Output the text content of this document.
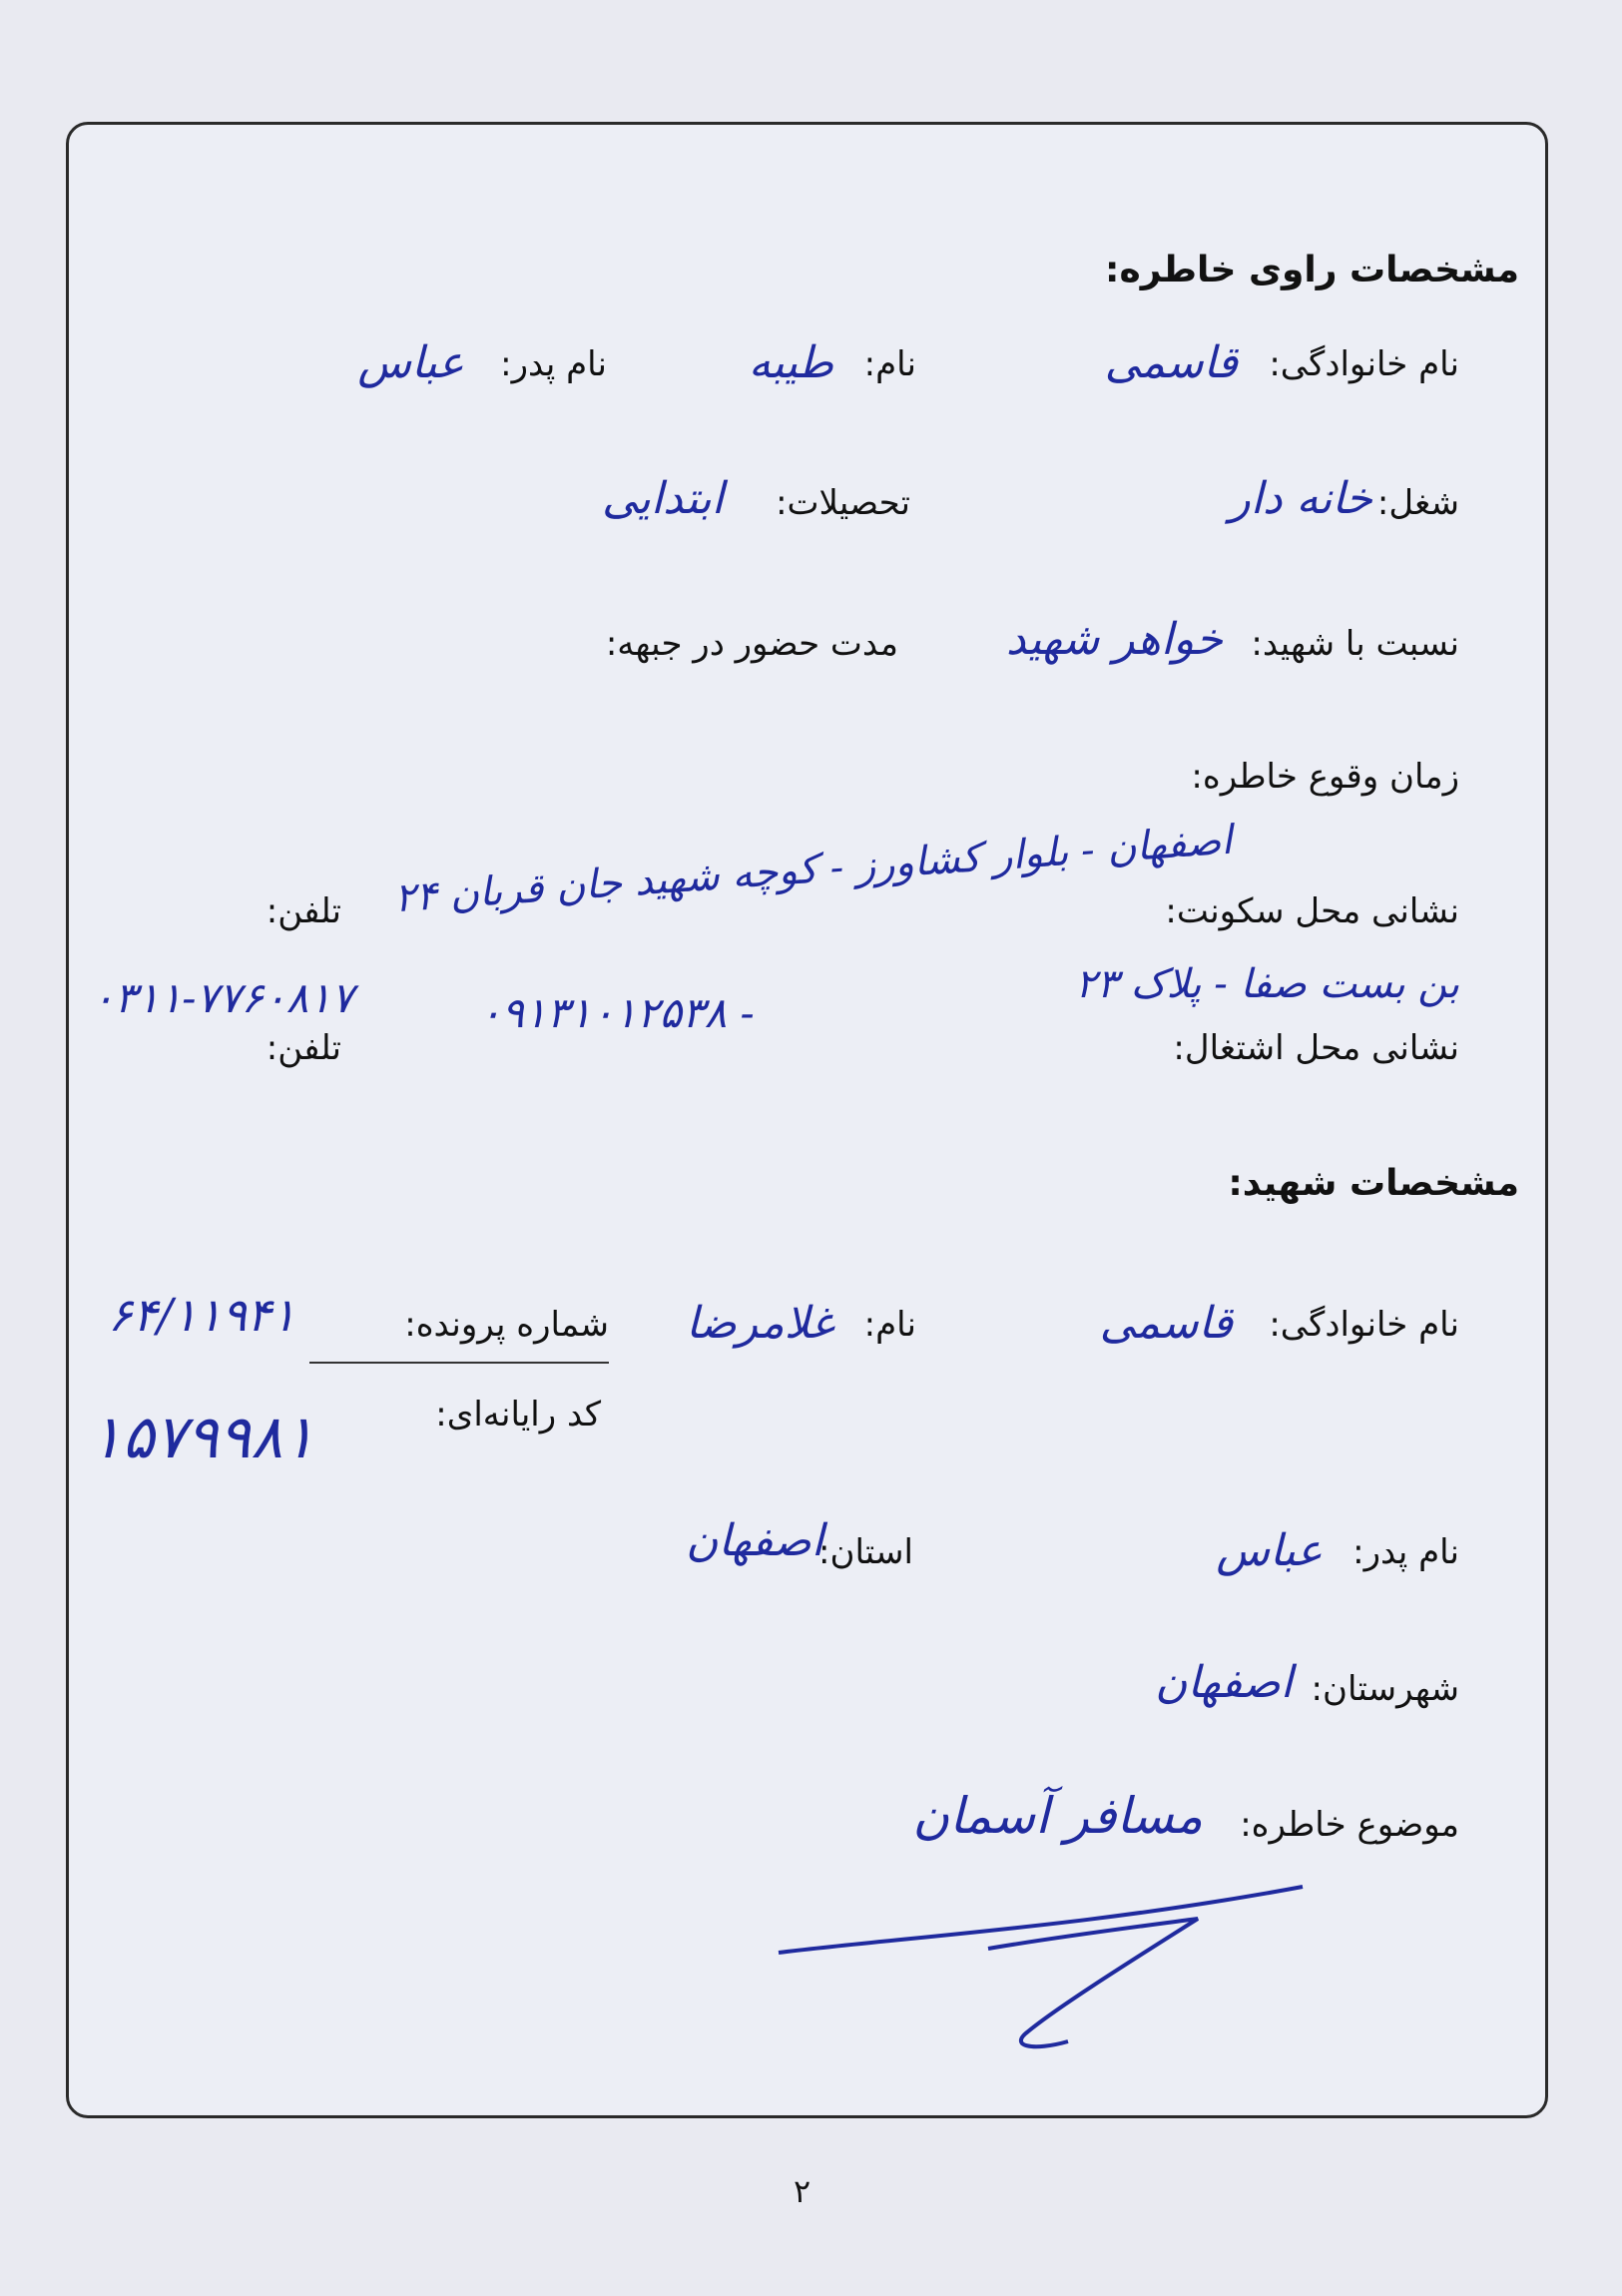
مشخصات راوی خاطره:
نام خانوادگی:
قاسمی
نام:
طیبه
نام پدر:
عباس
شغل:
خانه دار
تحصیلات:
ابتدایی
نسبت با شهید:
خواهر شهید
مدت حضور در جبهه:
زمان وقوع خاطره:
اصفهان - بلوار کشاورز - کوچه شهید جان قربان ۲۴
نشانی محل سکونت:
تلفن:
بن بست صفا - پلاک ۲۳
۰۹۱۳۱۰۱۲۵۳۸ -
۰۳۱۱-۷۷۶۰۸۱۷
نشانی محل اشتغال:
تلفن:
مشخصات شهید:
نام خانوادگی:
قاسمی
نام:
غلامرضا
شماره پرونده:
۶۴/۱۱۹۴۱
کد رایانه‌ای:
۱۵۷۹۹۸۱
نام پدر:
عباس
استان:
اصفهان
شهرستان:
اصفهان
موضوع خاطره:
مسافر آسمان
۲
